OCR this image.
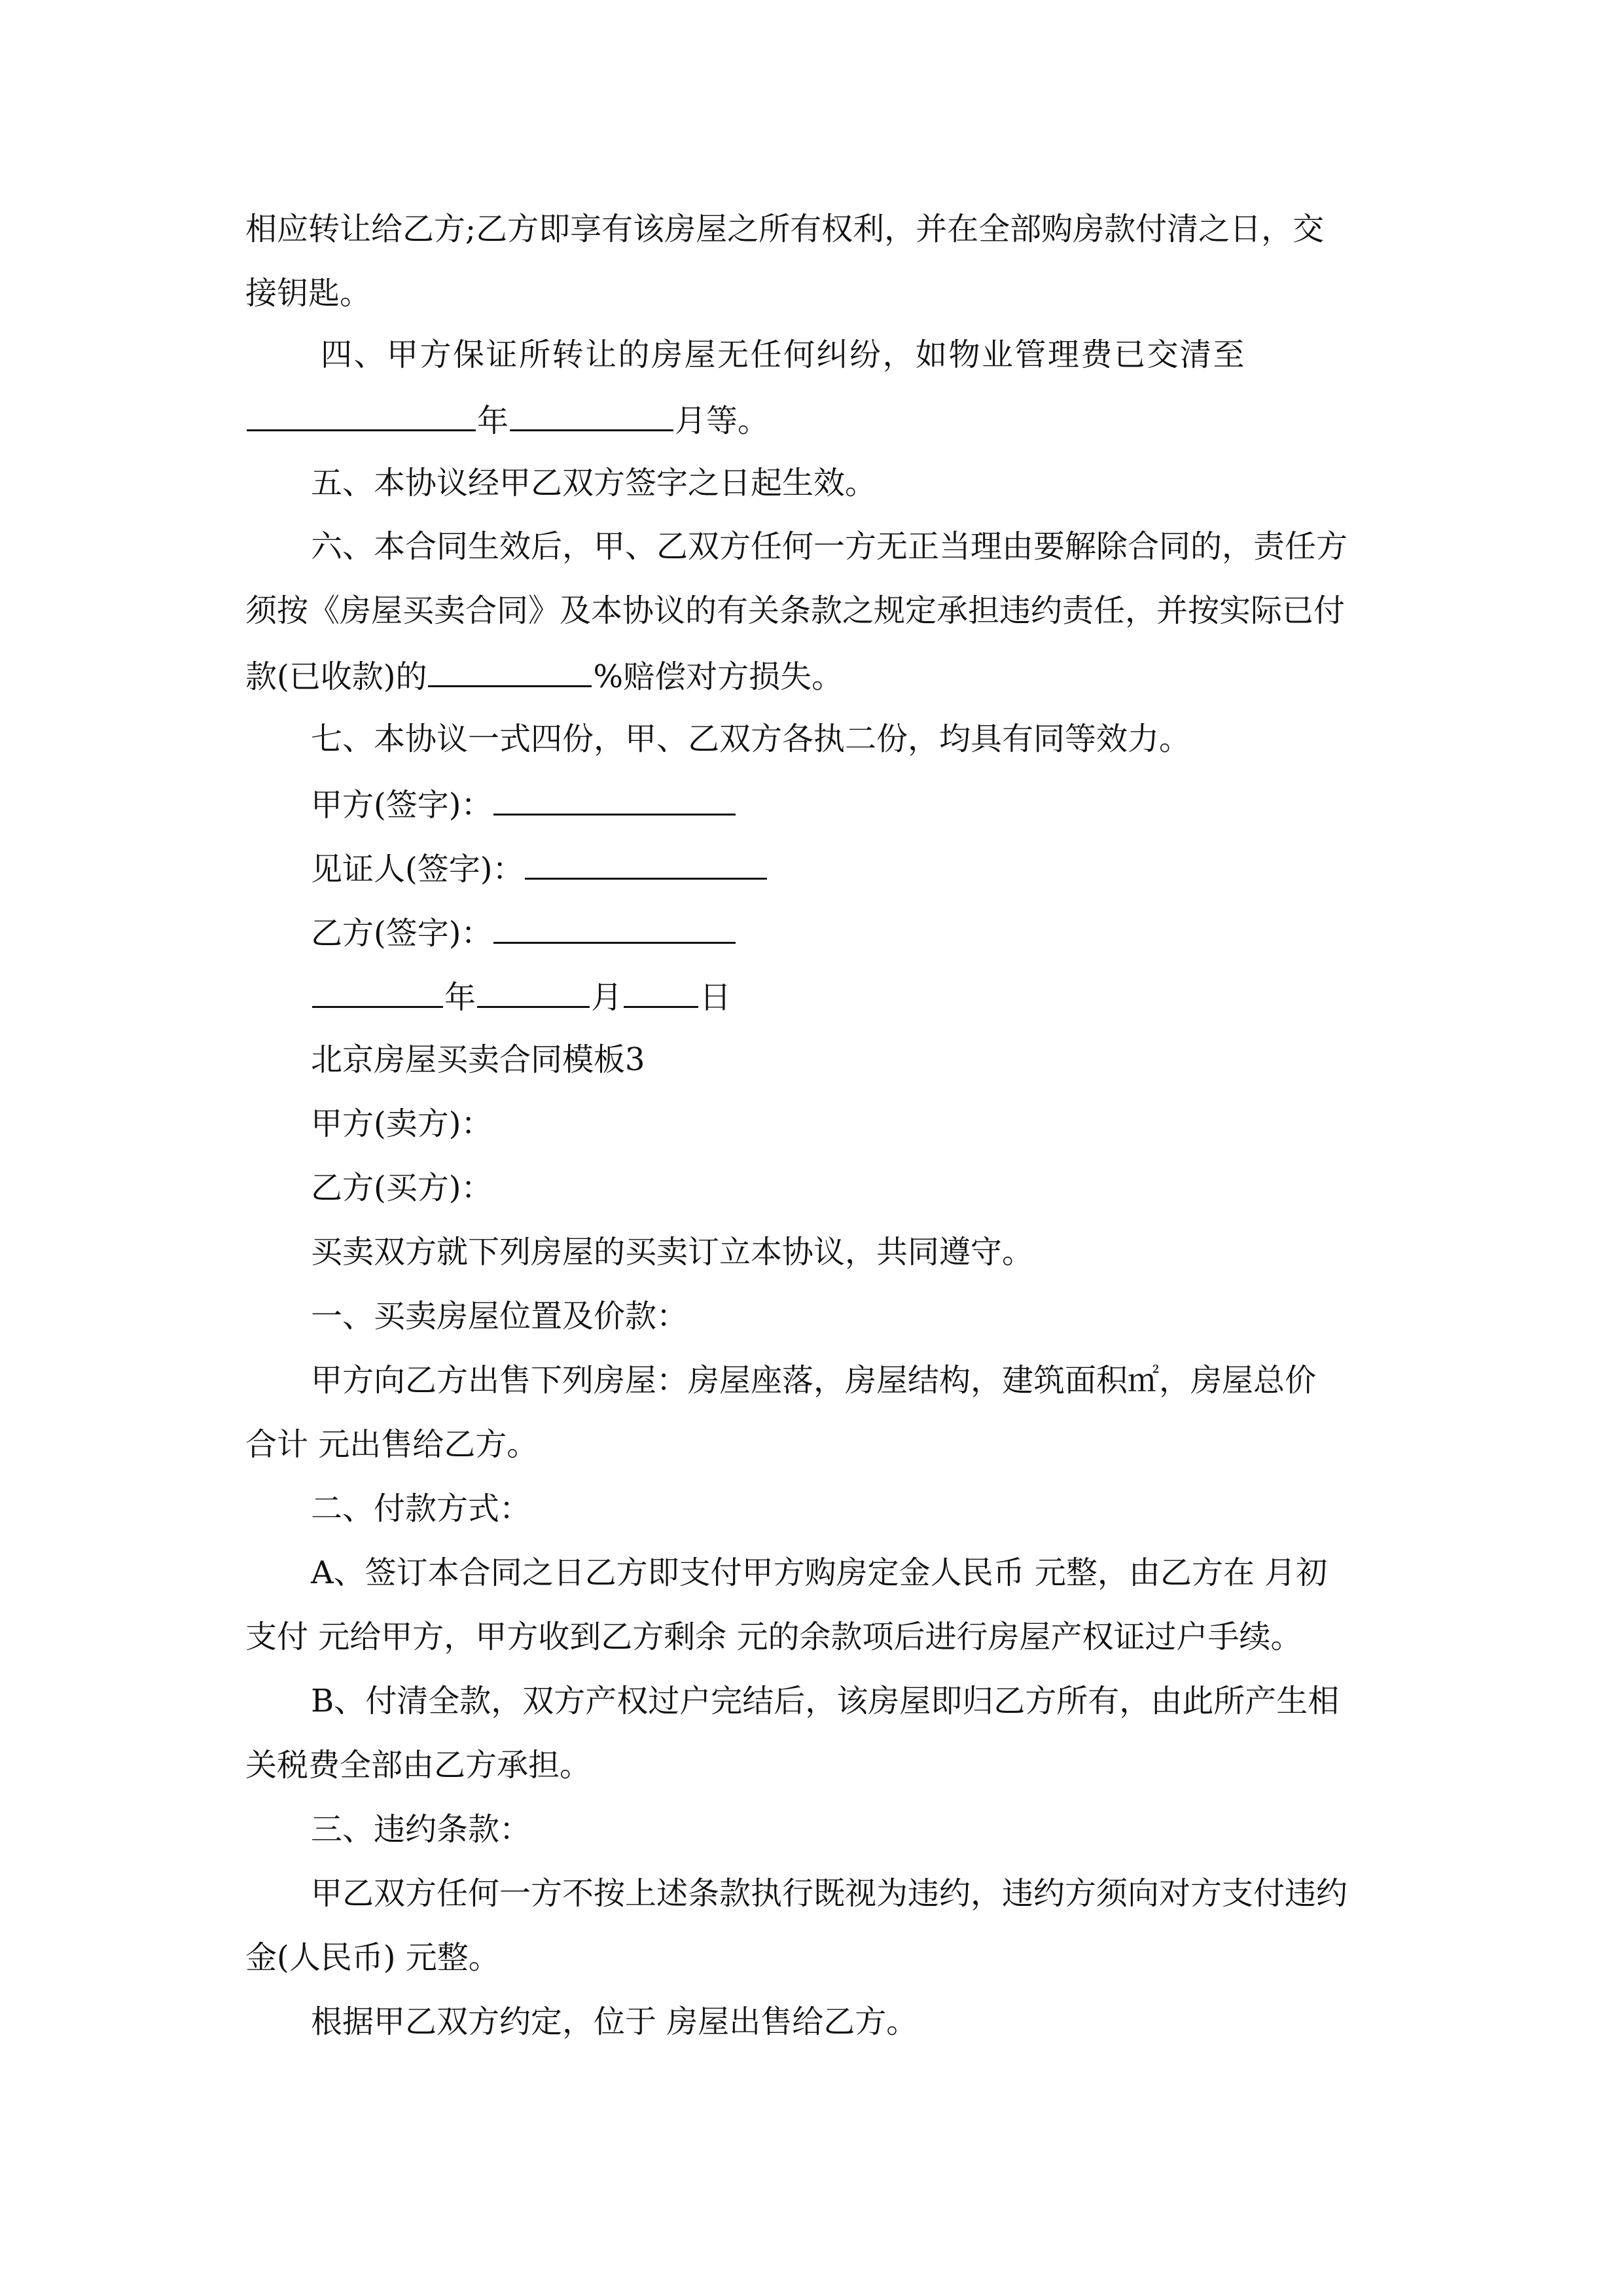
相应转让给乙方;乙方即享有该房屋之所有权利，并在全部购房款付清之日，交
接钥匙。
四、甲方保证所转让的房屋无任何纠纷，如物业管理费已交清至
年	月等。
五、本协议经甲乙双方签字之日起生效。
六、本合同生效后，甲、乙双方任何一方无正当理由要解除合同的，责任方
须按《房屋买卖合同》及本协议的有关条款之规定承担违约责任，并按实际已付
款(已收款)的	%赔偿对方损失。
七、本协议一式四份，甲、乙双方各执二份，均具有同等效力。
甲方(签字)：
见证人(签字)：
乙方(签字)：
年	月 日
北京房屋买卖合同模板3
甲方(卖方)：
乙方(买方)：
买卖双方就下列房屋的买卖订立本协议，共同遵守。
一、买卖房屋位置及价款：
甲方向乙方出售下列房屋：房屋座落，房屋结构，建筑面积㎡，房屋总价
合计 元出售给乙方。
二、付款方式：
A、签订本合同之日乙方即支付甲方购房定金人民币 元整，由乙方在 月初
支付 元给甲方，甲方收到乙方剩余 元的余款项后进行房屋产权证过户手续。
B、付清全款，双方产权过户完结后，该房屋即归乙方所有，由此所产生相
关税费全部由乙方承担。
三、违约条款：
甲乙双方任何一方不按上述条款执行既视为违约，违约方须向对方支付违约
金(人民币) 元整。
根据甲乙双方约定，位于 房屋出售给乙方。
